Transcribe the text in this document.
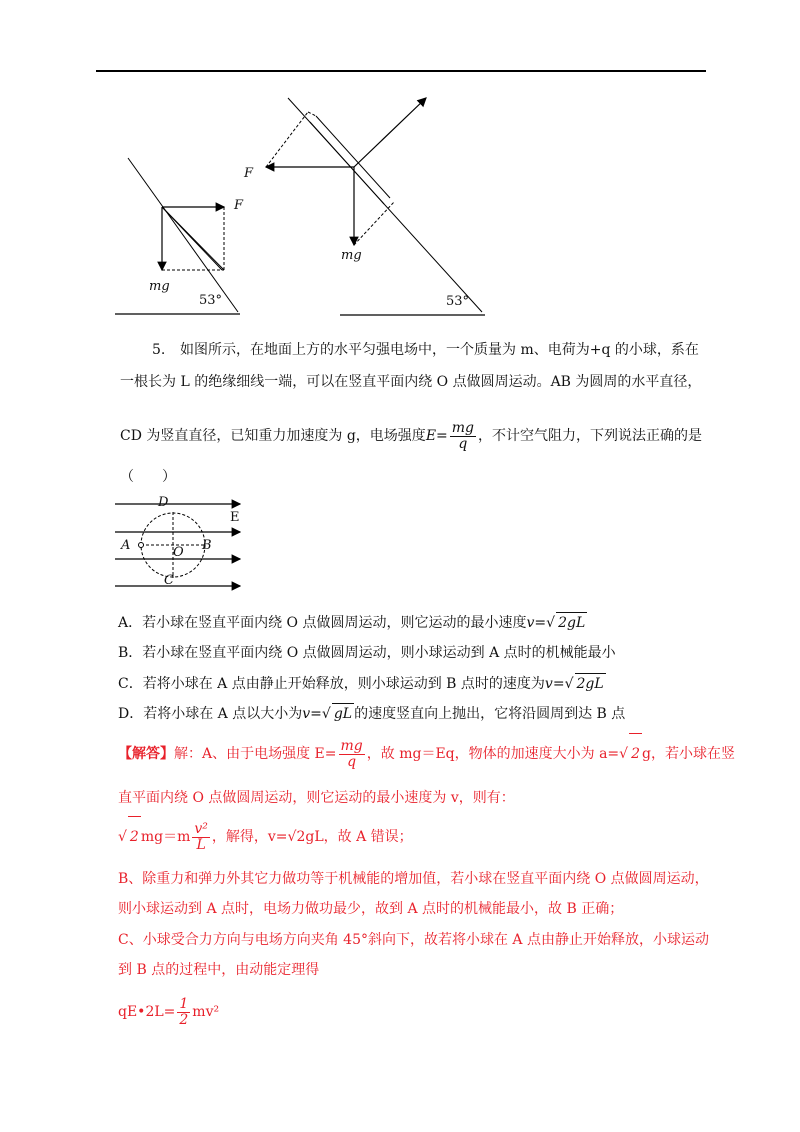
F
mg
53°
F
mg
53°
5. 如图所示，在地面上方的水平匀强电场中，一个质量为 m、电荷为+q 的小球，系在
一根长为 L 的绝缘细线一端，可以在竖直平面内绕 O 点做圆周运动。AB 为圆周的水平直径，
CD 为竖直直径，已知重力加速度为 g，电场强度$E= \frac{mg}{q}$ ，不计空气阻力，下列说法正确的是
（　　）
D
E
A	B
O
C
A．若小球在竖直平面内绕 O 点做圆周运动，则它运动的最小速度v=√ 2gL
B．若小球在竖直平面内绕 O 点做圆周运动，则小球运动到 A 点时的机械能最小
C．若将小球在 A 点由静止开始释放，则小球运动到 B 点时的速度为v=√ 2gL
D．若将小球在 A 点以大小为v=√ gL 的速度竖直向上抛出，它将沿圆周到达 B 点
【解答】解：A、由于电场强度 $E= \frac{mg}{q}$ ，故 mg＝Eq，物体的加速度大小为 a=√ 2 g，若小球在竖
直平面内绕 O 点做圆周运动，则它运动的最小速度为 v，则有：
√ 2 $mg=m \frac{\text{v²}}{L}$ ，解得，v=√2gL，故 A 错误；
B、除重力和弹力外其它力做功等于机械能的增加值，若小球在竖直平面内绕 O 点做圆周运动，
则小球运动到 A 点时，电场力做功最少，故到 A 点时的机械能最小，故 B 正确；
C、小球受合力方向与电场方向夹角 45°斜向下，故若将小球在 A 点由静止开始释放，小球运动
到 B 点的过程中，由动能定理得
qE•2L= $\frac{1}{2} mv^2$
